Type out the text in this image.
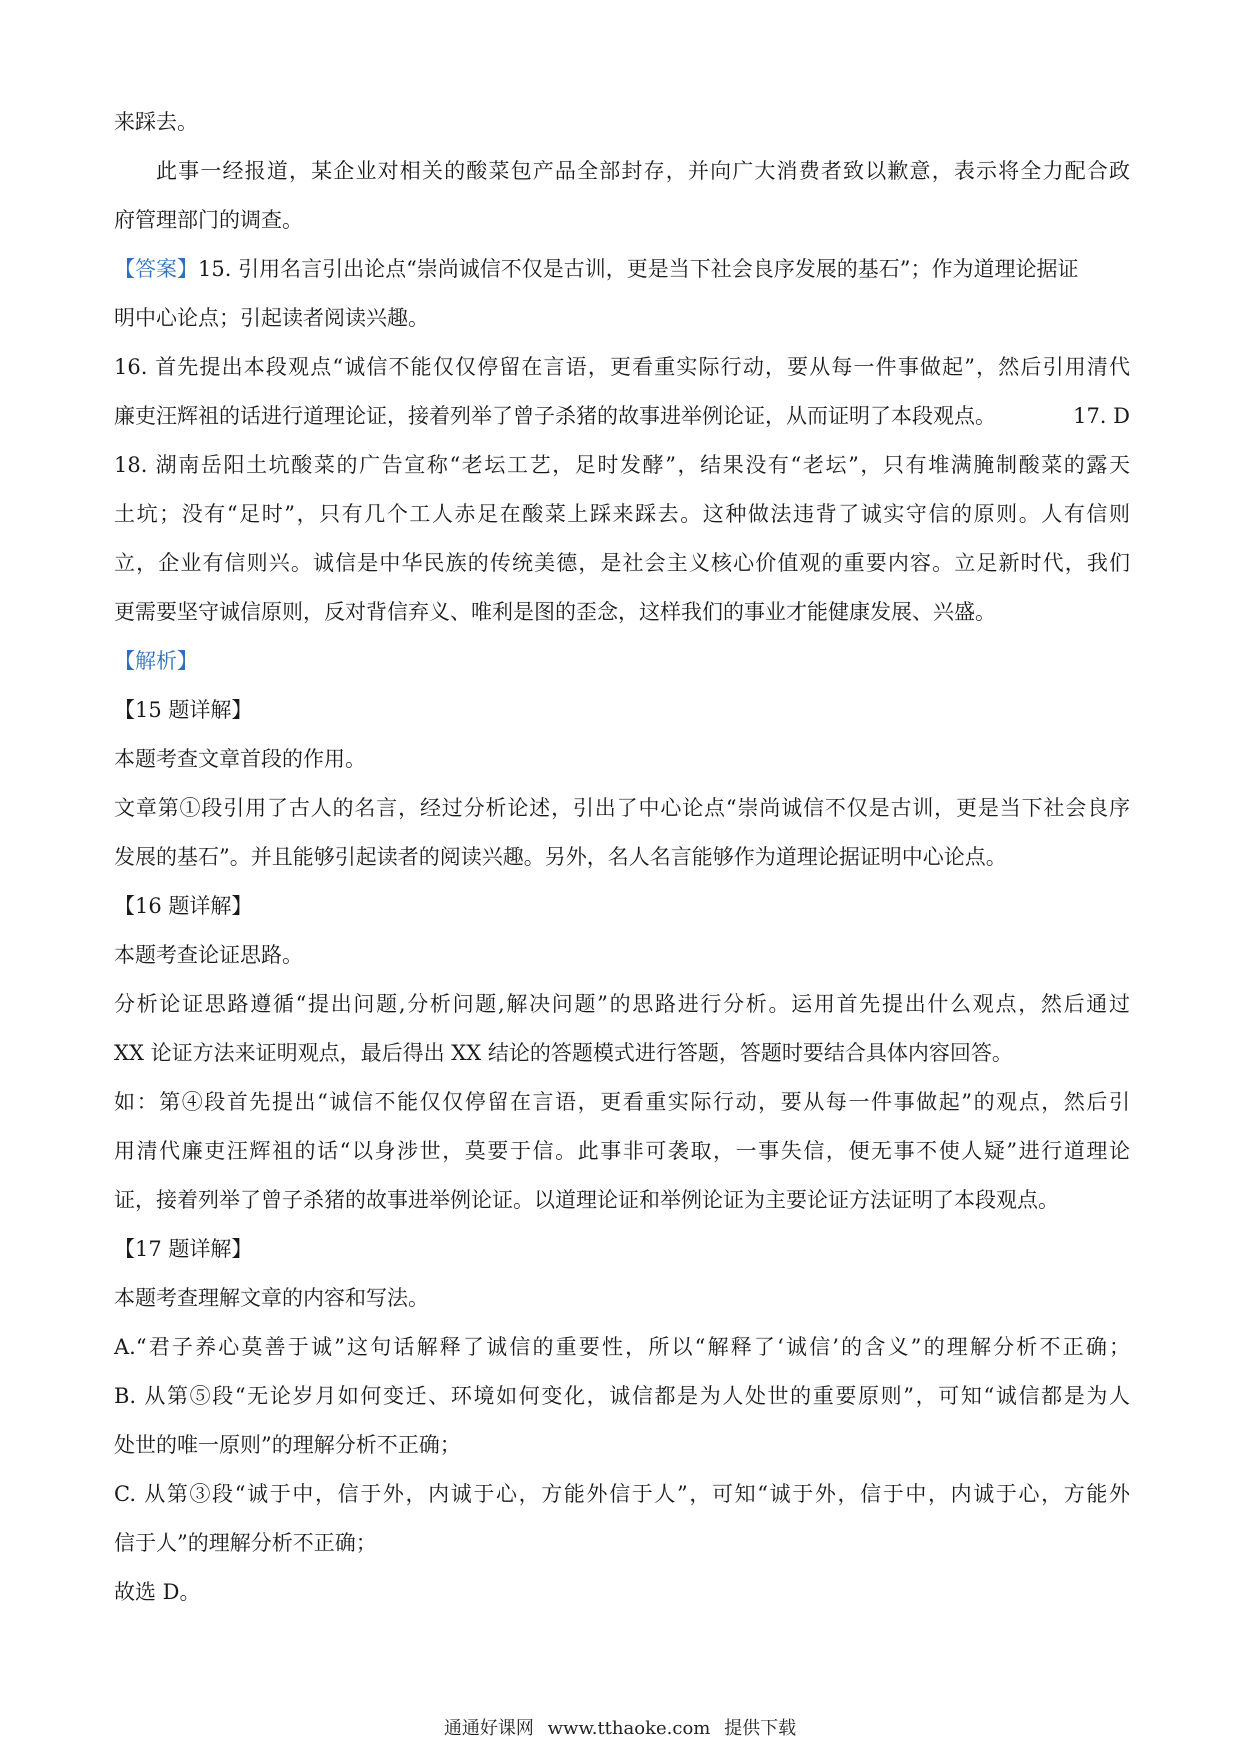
来踩去。
此事一经报道，某企业对相关的酸菜包产品全部封存，并向广大消费者致以歉意，表示将全力配合政
府管理部门的调查。
【答案】15. 引用名言引出论点“崇尚诚信不仅是古训，更是当下社会良序发展的基石”；作为道理论据证
明中心论点；引起读者阅读兴趣。
16. 首先提出本段观点“诚信不能仅仅停留在言语，更看重实际行动，要从每一件事做起”，然后引用清代
廉吏汪辉祖的话进行道理论证，接着列举了曾子杀猪的故事进举例论证，从而证明了本段观点。	17. D
18. 湖南岳阳土坑酸菜的广告宣称“老坛工艺，足时发酵”，结果没有“老坛”，只有堆满腌制酸菜的露天
土坑；没有“足时”，只有几个工人赤足在酸菜上踩来踩去。这种做法违背了诚实守信的原则。人有信则
立，企业有信则兴。诚信是中华民族的传统美德，是社会主义核心价值观的重要内容。立足新时代，我们
更需要坚守诚信原则，反对背信弃义、唯利是图的歪念，这样我们的事业才能健康发展、兴盛。
【解析】
【15 题详解】
本题考查文章首段的作用。
文章第①段引用了古人的名言，经过分析论述，引出了中心论点“崇尚诚信不仅是古训，更是当下社会良序
发展的基石”。并且能够引起读者的阅读兴趣。另外，名人名言能够作为道理论据证明中心论点。
【16 题详解】
本题考查论证思路。
分析论证思路遵循“提出问题,分析问题,解决问题”的思路进行分析。运用首先提出什么观点，然后通过
XX 论证方法来证明观点，最后得出 XX 结论的答题模式进行答题，答题时要结合具体内容回答。
如：第④段首先提出“诚信不能仅仅停留在言语，更看重实际行动，要从每一件事做起”的观点，然后引
用清代廉吏汪辉祖的话“以身涉世，莫要于信。此事非可袭取，一事失信，便无事不使人疑”进行道理论
证，接着列举了曾子杀猪的故事进举例论证。以道理论证和举例论证为主要论证方法证明了本段观点。
【17 题详解】
本题考查理解文章的内容和写法。
A.“君子养心莫善于诚”这句话解释了诚信的重要性，所以“解释了‘诚信’的含义”的理解分析不正确；
B. 从第⑤段“无论岁月如何变迁、环境如何变化，诚信都是为人处世的重要原则”，可知“诚信都是为人
处世的唯一原则”的理解分析不正确；
C. 从第③段“诚于中，信于外，内诚于心，方能外信于人”，可知“诚于外，信于中，内诚于心，方能外
信于人”的理解分析不正确；
故选 D。
通通好课网 www.tthaoke.com 提供下载
